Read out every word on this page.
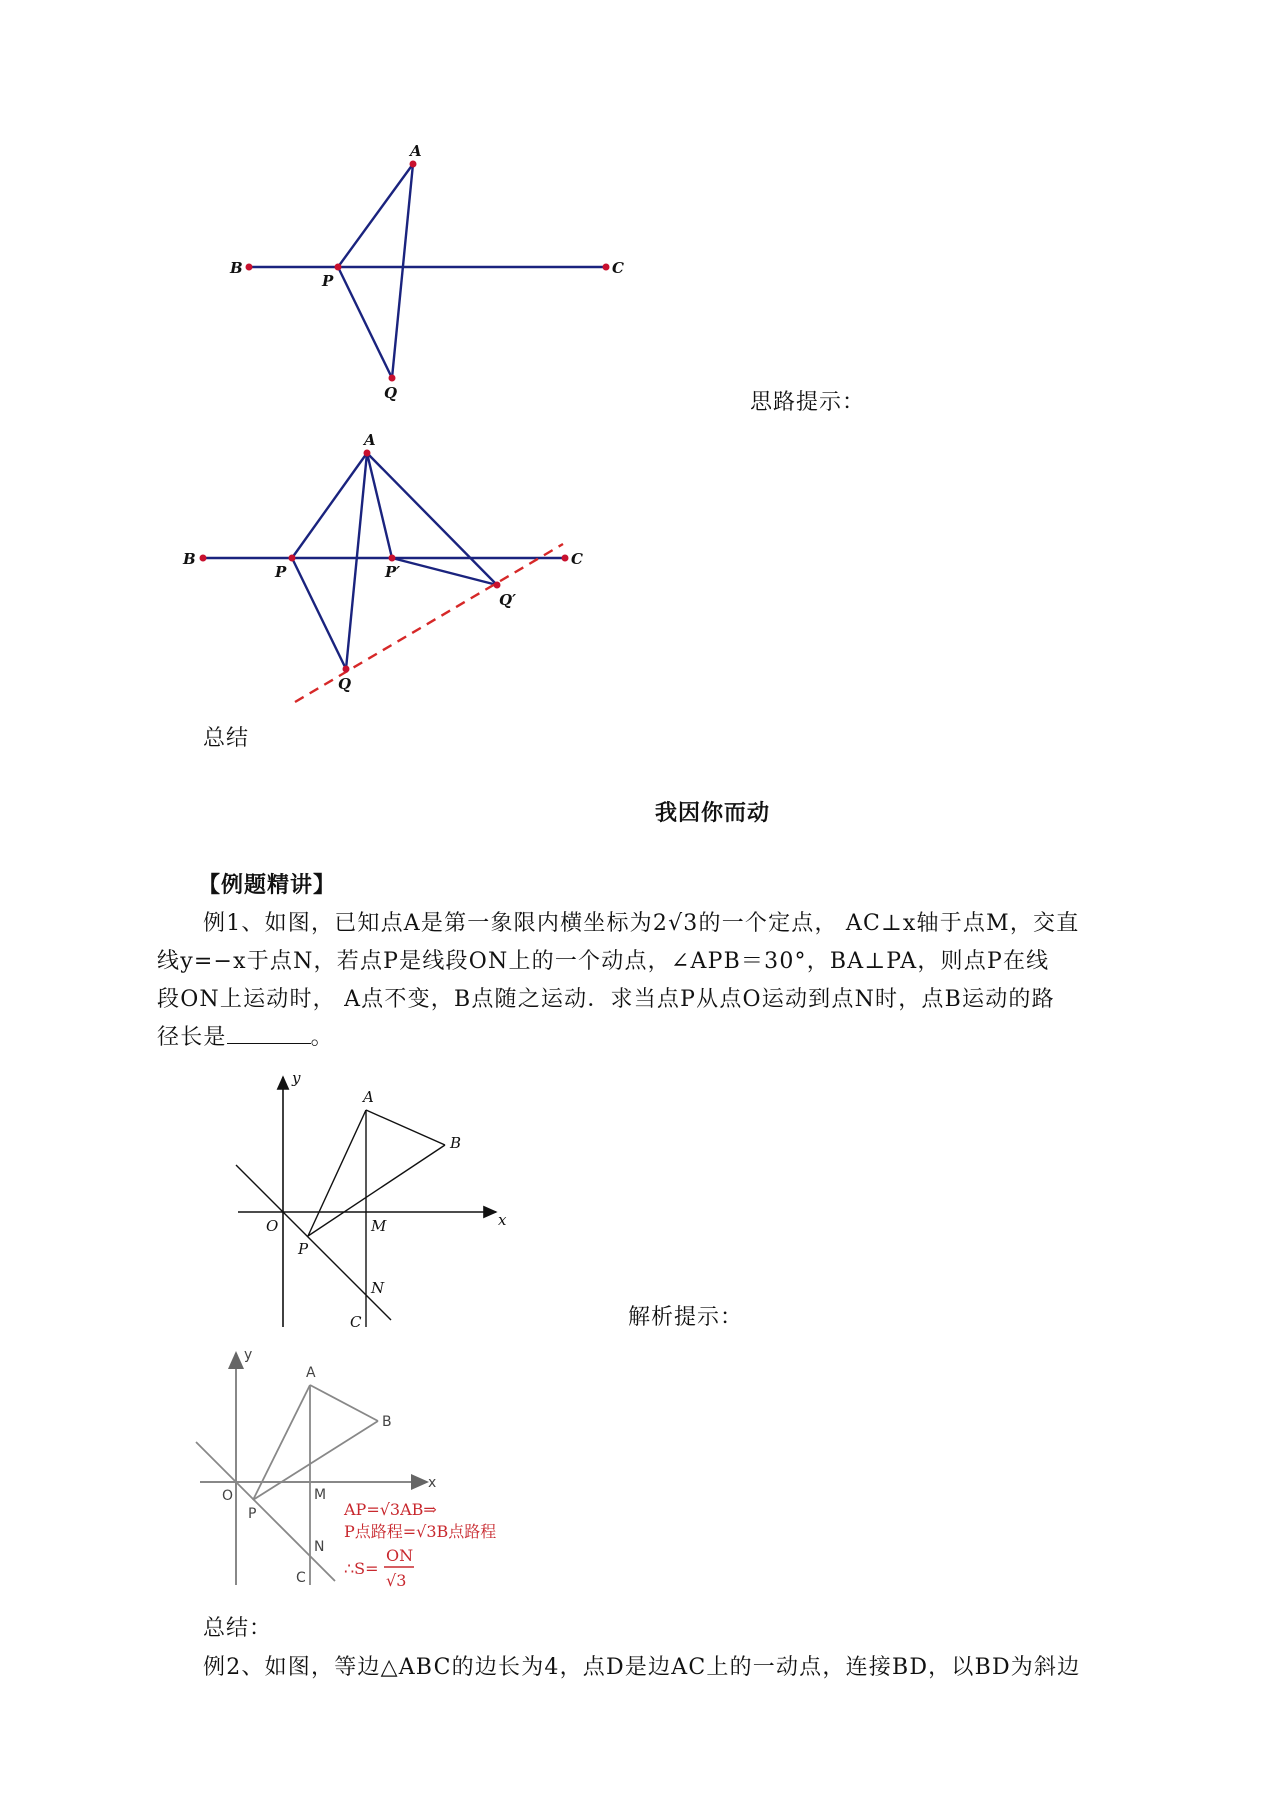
A
B	C
P
Q	思路提示：
A
B	C
P	P′
Q′
Q
总结
我因你而动
【例题精讲】
例1、如图，已知点A是第一象限内横坐标为2√3的一个定点， AC⊥x轴于点M，交直
线y=−x于点N，若点P是线段ON上的一个动点，∠APB＝30°，BA⊥PA，则点P在线
段ON上运动时， A点不变，B点随之运动．求当点P从点O运动到点N时，点B运动的路
径长是	。
y
x
A
B
O	M
P
N
C	解析提示：
y
x
A
B
O	M
P
N
C
AP=√3AB⇒
P点路程=√3B点路程
∴S=
ON
√3
总结：
例2、如图，等边△ABC的边长为4，点D是边AC上的一动点，连接BD，以BD为斜边
